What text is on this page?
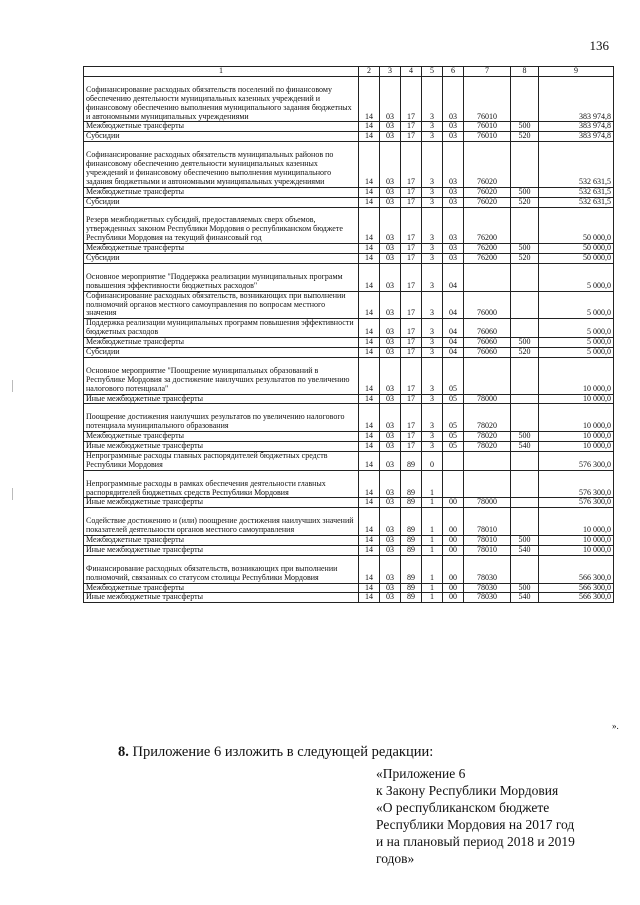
136
1	2	3	4	5	6	7	8	9
Софинансирование расходных обязательств поселений по финансовому обеспечению деятельности муниципальных казенных учреждений и финансовому обеспечению выполнения муниципального задания бюджетных и автономными муниципальных учреждениями	14	03	17	3	03	76010		383 974,8
Межбюджетные трансферты	14	03	17	3	03	76010	500	383 974,8
Субсидии	14	03	17	3	03	76010	520	383 974,8
Софинансирование расходных обязательств муниципальных районов по финансовому обеспечению деятельности муниципальных казенных учреждений и финансовому обеспечению выполнения муниципального задания бюджетными и автономными муниципальных учреждениями	14	03	17	3	03	76020		532 631,5
Межбюджетные трансферты	14	03	17	3	03	76020	500	532 631,5
Субсидии	14	03	17	3	03	76020	520	532 631,5
Резерв межбюджетных субсидий, предоставляемых сверх объемов, утвержденных законом Республики Мордовия о республиканском бюджете Республики Мордовия на текущий финансовый год	14	03	17	3	03	76200		50 000,0
Межбюджетные трансферты	14	03	17	3	03	76200	500	50 000,0
Субсидии	14	03	17	3	03	76200	520	50 000,0
Основное мероприятие "Поддержка реализации муниципальных программ повышения эффективности бюджетных расходов"	14	03	17	3	04			5 000,0
Софинансирование расходных обязательств, возникающих при выполнении полномочий органов местного самоуправления по вопросам местного значения	14	03	17	3	04	76000		5 000,0
Поддержка реализации муниципальных программ повышения эффективности бюджетных расходов	14	03	17	3	04	76060		5 000,0
Межбюджетные трансферты	14	03	17	3	04	76060	500	5 000,0
Субсидии	14	03	17	3	04	76060	520	5 000,0
Основное мероприятие "Поощрение муниципальных образований в Республике Мордовия за достижение наилучших результатов по увеличению налогового потенциала"	14	03	17	3	05			10 000,0
Иные межбюджетные трансферты	14	03	17	3	05	78000		10 000,0
Поощрение достижения наилучших результатов по увеличению налогового потенциала муниципального образования	14	03	17	3	05	78020		10 000,0
Межбюджетные трансферты	14	03	17	3	05	78020	500	10 000,0
Иные межбюджетные трансферты	14	03	17	3	05	78020	540	10 000,0
Непрограммные расходы главных распорядителей бюджетных средств Республики Мордовия	14	03	89	0				576 300,0
Непрограммные расходы в рамках обеспечения деятельности главных распорядителей бюджетных средств Республики Мордовия	14	03	89	1				576 300,0
Иные межбюджетные трансферты	14	03	89	1	00	78000		576 300,0
Содействие достижению и (или) поощрение достижения наилучших значений показателей деятельности органов местного самоуправления	14	03	89	1	00	78010		10 000,0
Межбюджетные трансферты	14	03	89	1	00	78010	500	10 000,0
Иные межбюджетные трансферты	14	03	89	1	00	78010	540	10 000,0
Финансирование расходных обязательств, возникающих при выполнении полномочий, связанных со статусом столицы Республики Мордовия	14	03	89	1	00	78030		566 300,0
Межбюджетные трансферты	14	03	89	1	00	78030	500	566 300,0
Иные межбюджетные трансферты	14	03	89	1	00	78030	540	566 300,0
».
8. Приложение 6 изложить в следующей редакции:
«Приложение 6
к Закону Республики Мордовия
«О республиканском бюджете
Республики Мордовия на 2017 год
и на плановый период 2018 и 2019
годов»
